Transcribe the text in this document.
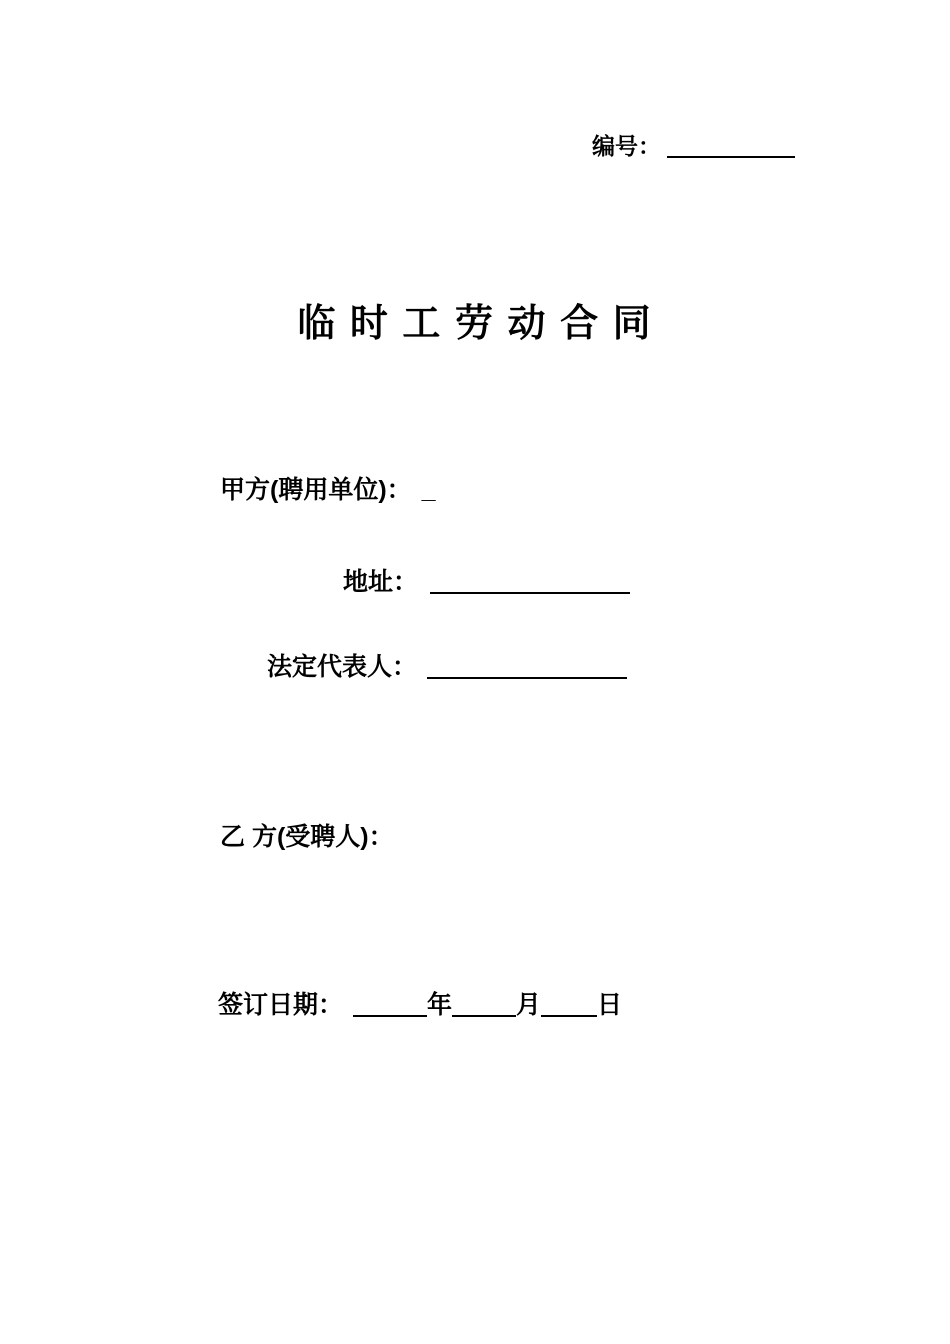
编号：
临 时 工 劳 动 合 同
甲方(聘用单位)： _
地址：
法定代表人：
乙 方(受聘人)：
签订日期：	年	月 日
